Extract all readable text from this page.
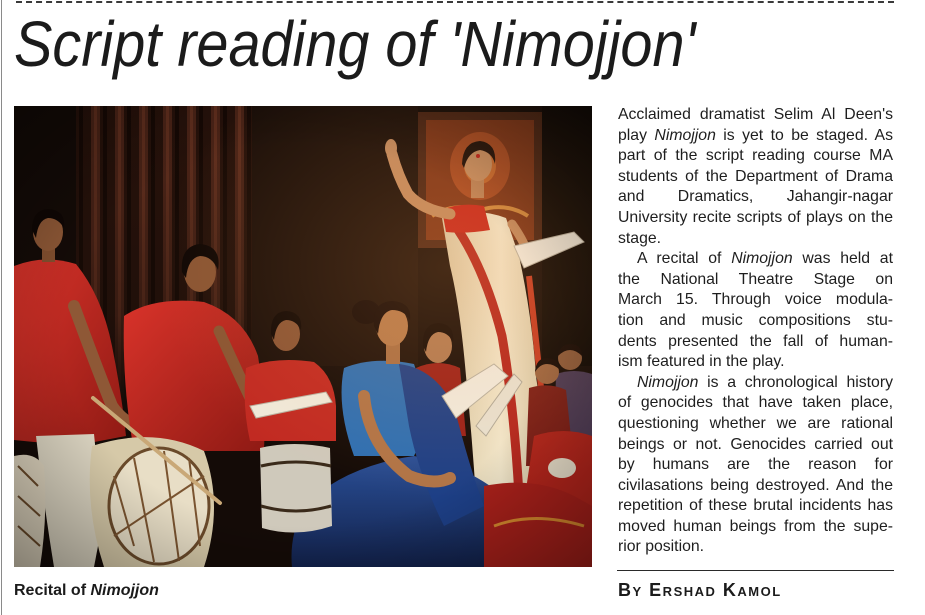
Script reading of 'Nimojjon'
Acclaimed dramatist Selim Al Deen's
play Nimojjon is yet to be staged. As
part of the script reading course MA
students of the Department of Drama
and Dramatics, Jahangir-nagar
University recite scripts of plays on the
stage.
A recital of Nimojjon was held at
the National Theatre Stage on
March 15. Through voice modula-
tion and music compositions stu-
dents presented the fall of human-
ism featured in the play.
Nimojjon is a chronological history
of genocides that have taken place,
questioning whether we are rational
beings or not. Genocides carried out
by humans are the reason for
civilasations being destroyed. And the
repetition of these brutal incidents has
moved human beings from the supe-
rior position.
Recital of Nimojjon	By Ershad Kamol
